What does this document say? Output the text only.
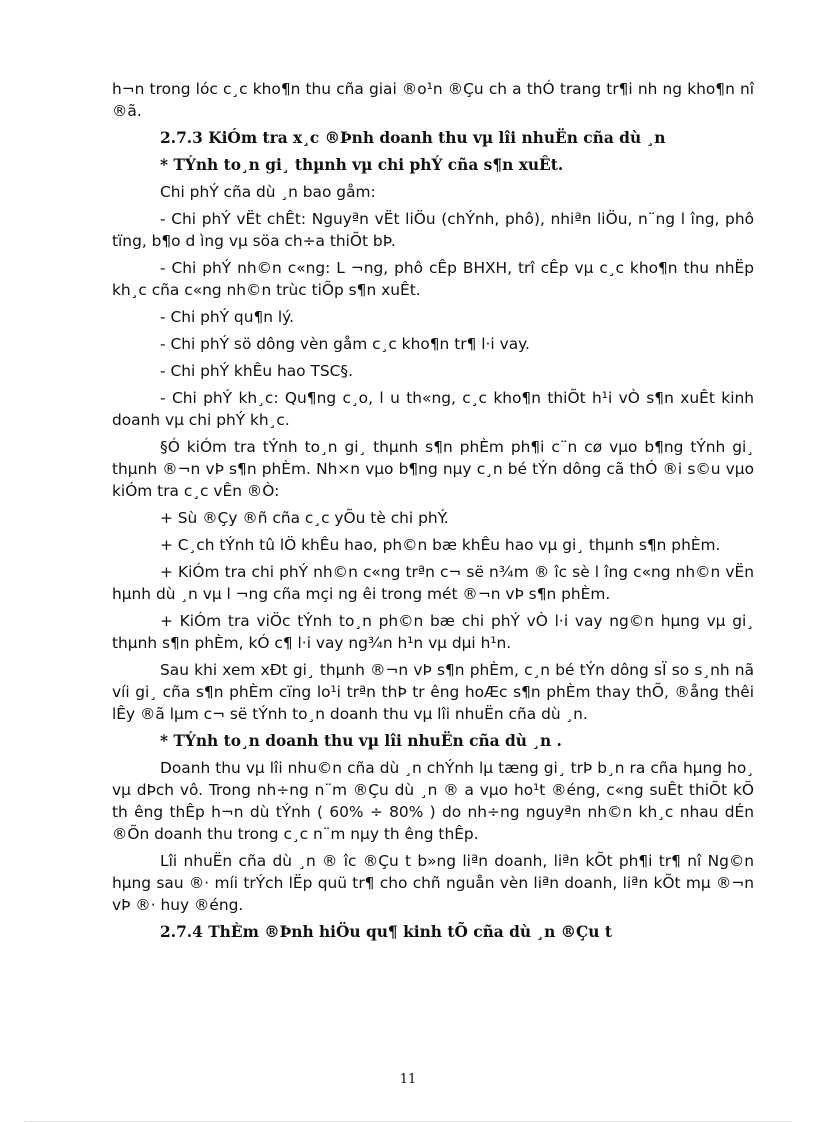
h¬n trong lóc c¸c kho¶n thu cña giai ®o¹n ®Çu ch a thÓ trang tr¶i nh ng kho¶n nî ®ã.

2.7.3 KiÓm tra x¸c ®Þnh doanh thu vµ lîi nhuËn cña dù ¸n

* TÝnh to¸n gi¸ thµnh vµ chi phÝ cña s¶n xuÊt.

Chi phÝ cña dù ¸n bao gåm:

- Chi phÝ vËt chÊt: Nguyªn vËt liÖu (chÝnh, phô), nhiªn liÖu, n¨ng l îng, phô tïng, b¶o d ìng vµ söa ch÷a thiÕt bÞ.

- Chi phÝ nh©n c«ng: L ¬ng, phô cÊp BHXH, trî cÊp vµ c¸c kho¶n thu nhËp kh¸c cña c«ng nh©n trùc tiÕp s¶n xuÊt.

- Chi phÝ qu¶n lý.

- Chi phÝ sö dông vèn gåm c¸c kho¶n tr¶ l·i vay.

- Chi phÝ khÊu hao TSC§.

- Chi phÝ kh¸c: Qu¶ng c¸o, l u th«ng, c¸c kho¶n thiÕt h¹i vÒ s¶n xuÊt kinh doanh vµ chi phÝ kh¸c.

§Ó kiÓm tra tÝnh to¸n gi¸ thµnh s¶n phÈm ph¶i c¨n cø vµo b¶ng tÝnh gi¸ thµnh ®¬n vÞ s¶n phÈm. Nh×n vµo b¶ng nµy c¸n bé tÝn dông cã thÓ ®i s©u vµo kiÓm tra c¸c vÊn ®Ò:

+ Sù ®Çy ®ñ cña c¸c yÕu tè chi phÝ.

+ C¸ch tÝnh tû lÖ khÊu hao, ph©n bæ khÊu hao vµ gi¸ thµnh s¶n phÈm.

+ KiÓm tra chi phÝ nh©n c«ng trªn c¬ së n¾m ® îc sè l îng c«ng nh©n vËn hµnh dù ¸n vµ l ¬ng cña mçi ng êi trong mét ®¬n vÞ s¶n phÈm.

+ KiÓm tra viÖc tÝnh to¸n ph©n bæ chi phÝ vÒ l·i vay ng©n hµng vµ gi¸ thµnh s¶n phÈm, kÓ c¶ l·i vay ng¾n h¹n vµ dµi h¹n.

Sau khi xem xÐt gi¸ thµnh ®¬n vÞ s¶n phÈm, c¸n bé tÝn dông sÏ so s¸nh nã víi gi¸ cña s¶n phÈm cïng lo¹i trªn thÞ tr êng hoÆc s¶n phÈm thay thÕ, ®ång thêi lÊy ®ã lµm c¬ së tÝnh to¸n doanh thu vµ lîi nhuËn cña dù ¸n.

* TÝnh to¸n doanh thu vµ lîi nhuËn cña dù ¸n .

Doanh thu vµ lîi nhu©n cña dù ¸n chÝnh lµ tæng gi¸ trÞ b¸n ra cña hµng ho¸ vµ dÞch vô. Trong nh÷ng n¨m ®Çu dù ¸n ® a vµo ho¹t ®éng, c«ng suÊt thiÕt kÕ th êng thÊp h¬n dù tÝnh ( 60% ÷ 80% ) do nh÷ng nguyªn nh©n kh¸c nhau dÉn ®Õn doanh thu trong c¸c n¨m nµy th êng thÊp.

Lîi nhuËn cña dù ¸n ® îc ®Çu t b»ng liªn doanh, liªn kÕt ph¶i tr¶ nî Ng©n hµng sau ®· míi trÝch lËp quü tr¶ cho chñ nguån vèn liªn doanh, liªn kÕt mµ ®¬n vÞ ®· huy ®éng.

2.7.4 ThÈm ®Þnh hiÖu qu¶ kinh tÕ cña dù ¸n ®Çu t

11
